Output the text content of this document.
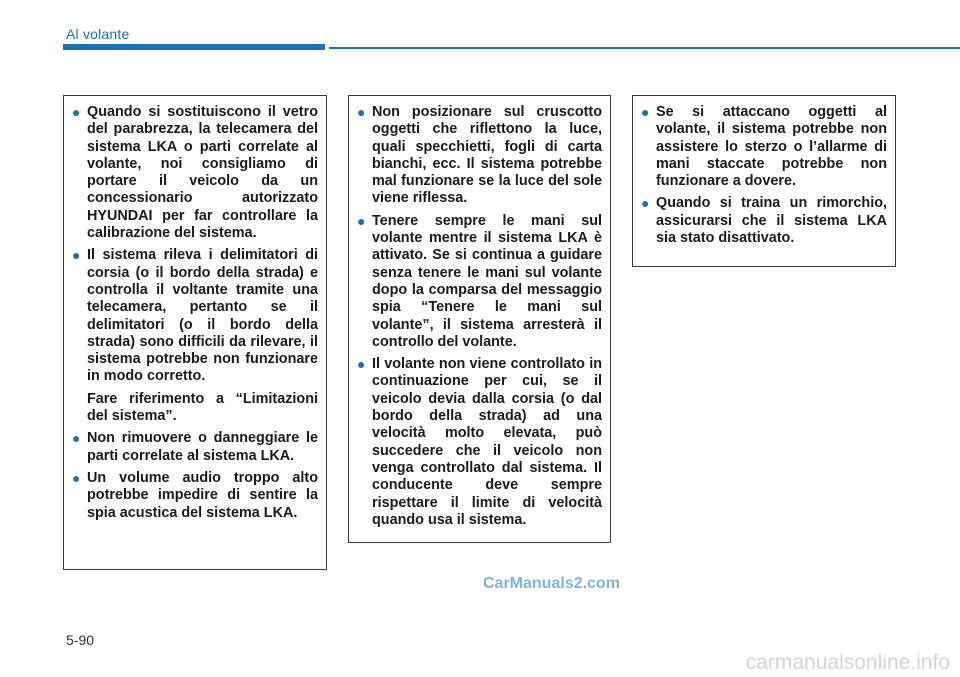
Al volante
● Quando si sostituiscono il vetro del parabrezza, la telecamera del sistema LKA o parti correlate al volante, noi consigliamo di portare il veicolo da un concessionario autorizzato HYUNDAI per far controllare la calibrazione del sistema.
● Il sistema rileva i delimitatori di corsia (o il bordo della strada) e controlla il voltante tramite una telecamera, pertanto se il delimitatori (o il bordo della strada) sono difficili da rilevare, il sistema potrebbe non funzionare in modo corretto.
Fare riferimento a “Limitazioni del sistema”.
● Non rimuovere o danneggiare le parti correlate al sistema LKA.
● Un volume audio troppo alto potrebbe impedire di sentire la spia acustica del sistema LKA.
● Non posizionare sul cruscotto oggetti che riflettono la luce, quali specchietti, fogli di carta bianchi, ecc. Il sistema potrebbe mal funzionare se la luce del sole viene riflessa.
● Tenere sempre le mani sul volante mentre il sistema LKA è attivato. Se si continua a guidare senza tenere le mani sul volante dopo la comparsa del messaggio spia “Tenere le mani sul volante”, il sistema arresterà il controllo del volante.
● Il volante non viene controllato in continuazione per cui, se il veicolo devia dalla corsia (o dal bordo della strada) ad una velocità molto elevata, può succedere che il veicolo non venga controllato dal sistema. Il conducente deve sempre rispettare il limite di velocità quando usa il sistema.
● Se si attaccano oggetti al volante, il sistema potrebbe non assistere lo sterzo o l’allarme di mani staccate potrebbe non funzionare a dovere.
● Quando si traina un rimorchio, assicurarsi che il sistema LKA sia stato disattivato.
CarManuals2.com
5-90
carmanualsonline.info
